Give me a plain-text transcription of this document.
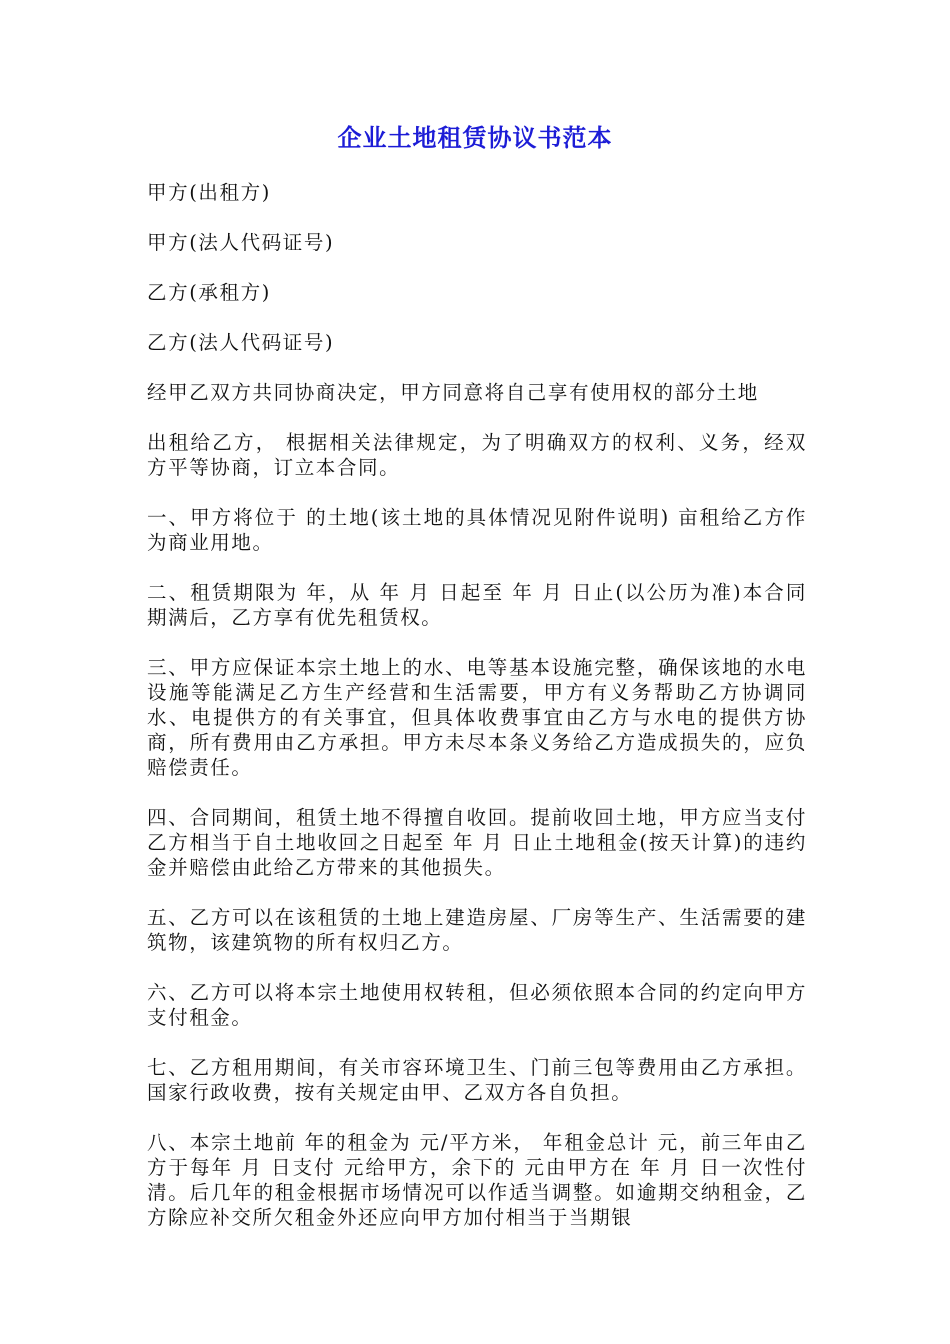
企业土地租赁协议书范本

甲方(出租方)

甲方(法人代码证号)

乙方(承租方)

乙方(法人代码证号)

经甲乙双方共同协商决定，甲方同意将自己享有使用权的部分土地

出租给乙方， 根据相关法律规定，为了明确双方的权利、义务，经双方平等协商，订立本合同。

一、甲方将位于 的土地(该土地的具体情况见附件说明) 亩租给乙方作为商业用地。

二、租赁期限为 年，从 年 月 日起至 年 月 日止(以公历为准)本合同期满后，乙方享有优先租赁权。

三、甲方应保证本宗土地上的水、电等基本设施完整，确保该地的水电设施等能满足乙方生产经营和生活需要，甲方有义务帮助乙方协调同水、电提供方的有关事宜，但具体收费事宜由乙方与水电的提供方协商，所有费用由乙方承担。甲方未尽本条义务给乙方造成损失的，应负赔偿责任。

四、合同期间，租赁土地不得擅自收回。提前收回土地，甲方应当支付乙方相当于自土地收回之日起至 年 月 日止土地租金(按天计算)的违约金并赔偿由此给乙方带来的其他损失。

五、乙方可以在该租赁的土地上建造房屋、厂房等生产、生活需要的建筑物，该建筑物的所有权归乙方。

六、乙方可以将本宗土地使用权转租，但必须依照本合同的约定向甲方支付租金。

七、乙方租用期间，有关市容环境卫生、门前三包等费用由乙方承担。国家行政收费，按有关规定由甲、乙双方各自负担。

八、本宗土地前 年的租金为 元/平方米， 年租金总计 元，前三年由乙方于每年 月 日支付 元给甲方，余下的 元由甲方在 年 月 日一次性付清。后几年的租金根据市场情况可以作适当调整。如逾期交纳租金，乙方除应补交所欠租金外还应向甲方加付相当于当期银
